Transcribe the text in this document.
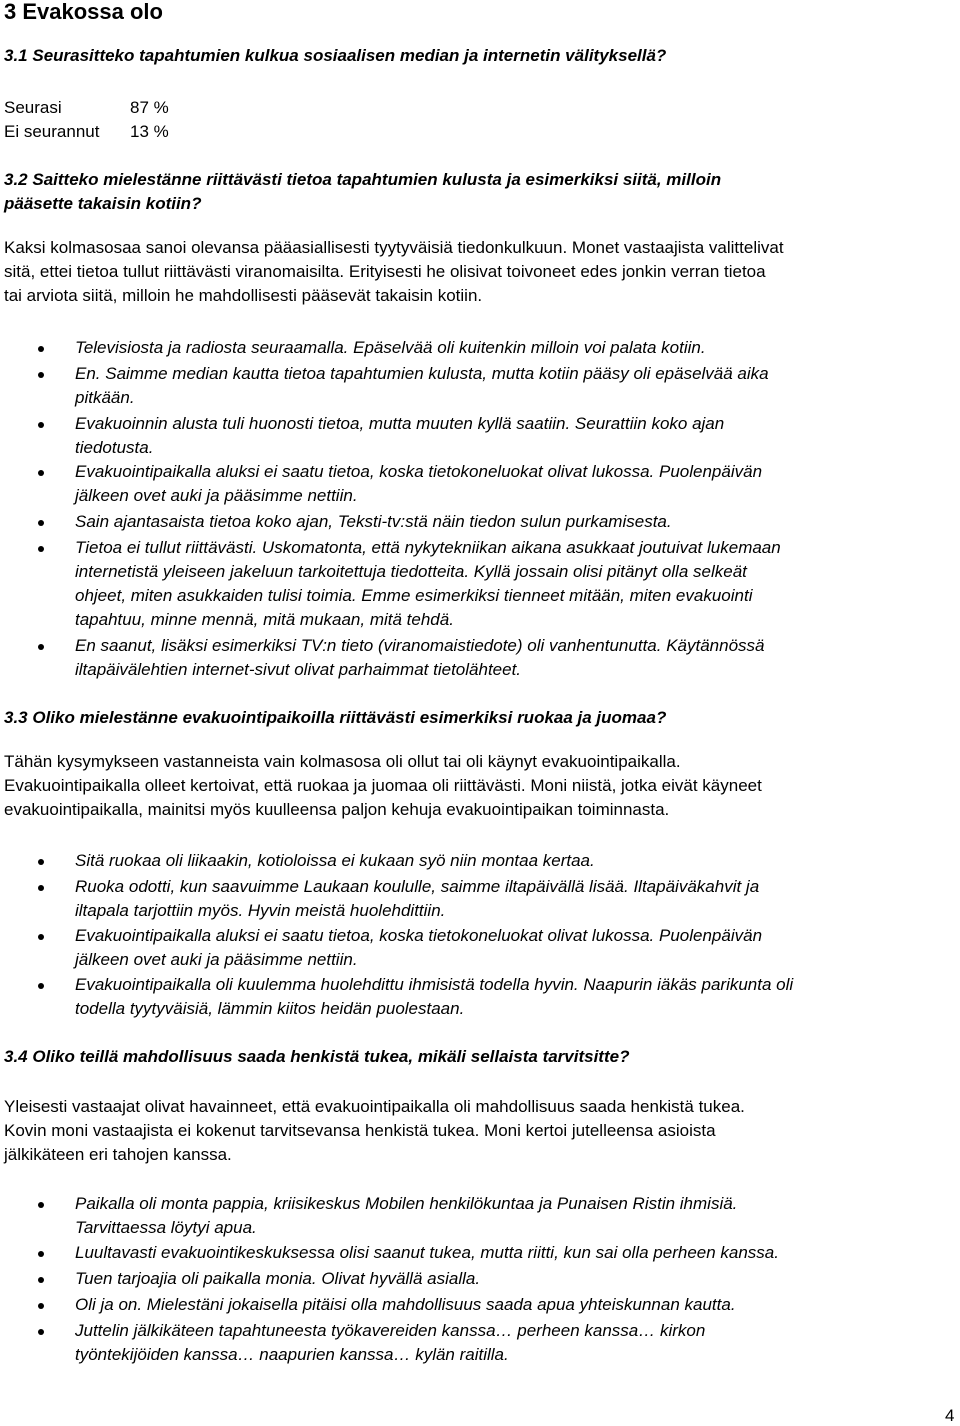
3 Evakossa olo
3.1 Seurasitteko tapahtumien kulkua sosiaalisen median ja internetin välityksellä?
Seurasi	87 %
Ei seurannut 13 %
3.2 Saitteko mielestänne riittävästi tietoa tapahtumien kulusta ja esimerkiksi siitä, milloin
pääsette takaisin kotiin?
Kaksi kolmasosaa sanoi olevansa pääasiallisesti tyytyväisiä tiedonkulkuun. Monet vastaajista valittelivat
sitä, ettei tietoa tullut riittävästi viranomaisilta. Erityisesti he olisivat toivoneet edes jonkin verran tietoa
tai arviota siitä, milloin he mahdollisesti pääsevät takaisin kotiin.
Televisiosta ja radiosta seuraamalla. Epäselvää oli kuitenkin milloin voi palata kotiin.
En. Saimme median kautta tietoa tapahtumien kulusta, mutta kotiin pääsy oli epäselvää aika
pitkään.
Evakuoinnin alusta tuli huonosti tietoa, mutta muuten kyllä saatiin. Seurattiin koko ajan
tiedotusta.
Evakuointipaikalla aluksi ei saatu tietoa, koska tietokoneluokat olivat lukossa. Puolenpäivän
jälkeen ovet auki ja pääsimme nettiin.
Sain ajantasaista tietoa koko ajan, Teksti-tv:stä näin tiedon sulun purkamisesta.
Tietoa ei tullut riittävästi. Uskomatonta, että nykytekniikan aikana asukkaat joutuivat lukemaan
internetistä yleiseen jakeluun tarkoitettuja tiedotteita. Kyllä jossain olisi pitänyt olla selkeät
ohjeet, miten asukkaiden tulisi toimia. Emme esimerkiksi tienneet mitään, miten evakuointi
tapahtuu, minne mennä, mitä mukaan, mitä tehdä.
En saanut, lisäksi esimerkiksi TV:n tieto (viranomaistiedote) oli vanhentunutta. Käytännössä
iltapäivälehtien internet-sivut olivat parhaimmat tietolähteet.
3.3 Oliko mielestänne evakuointipaikoilla riittävästi esimerkiksi ruokaa ja juomaa?
Tähän kysymykseen vastanneista vain kolmasosa oli ollut tai oli käynyt evakuointipaikalla.
Evakuointipaikalla olleet kertoivat, että ruokaa ja juomaa oli riittävästi. Moni niistä, jotka eivät käyneet
evakuointipaikalla, mainitsi myös kuulleensa paljon kehuja evakuointipaikan toiminnasta.
Sitä ruokaa oli liikaakin, kotioloissa ei kukaan syö niin montaa kertaa.
Ruoka odotti, kun saavuimme Laukaan koululle, saimme iltapäivällä lisää. Iltapäiväkahvit ja
iltapala tarjottiin myös. Hyvin meistä huolehdittiin.
Evakuointipaikalla aluksi ei saatu tietoa, koska tietokoneluokat olivat lukossa. Puolenpäivän
jälkeen ovet auki ja pääsimme nettiin.
Evakuointipaikalla oli kuulemma huolehdittu ihmisistä todella hyvin. Naapurin iäkäs parikunta oli
todella tyytyväisiä, lämmin kiitos heidän puolestaan.
3.4 Oliko teillä mahdollisuus saada henkistä tukea, mikäli sellaista tarvitsitte?
Yleisesti vastaajat olivat havainneet, että evakuointipaikalla oli mahdollisuus saada henkistä tukea.
Kovin moni vastaajista ei kokenut tarvitsevansa henkistä tukea. Moni kertoi jutelleensa asioista
jälkikäteen eri tahojen kanssa.
Paikalla oli monta pappia, kriisikeskus Mobilen henkilökuntaa ja Punaisen Ristin ihmisiä.
Tarvittaessa löytyi apua.
Luultavasti evakuointikeskuksessa olisi saanut tukea, mutta riitti, kun sai olla perheen kanssa.
Tuen tarjoajia oli paikalla monia. Olivat hyvällä asialla.
Oli ja on. Mielestäni jokaisella pitäisi olla mahdollisuus saada apua yhteiskunnan kautta.
Juttelin jälkikäteen tapahtuneesta työkavereiden kanssa… perheen kanssa… kirkon
työntekijöiden kanssa… naapurien kanssa… kylän raitilla.
4
